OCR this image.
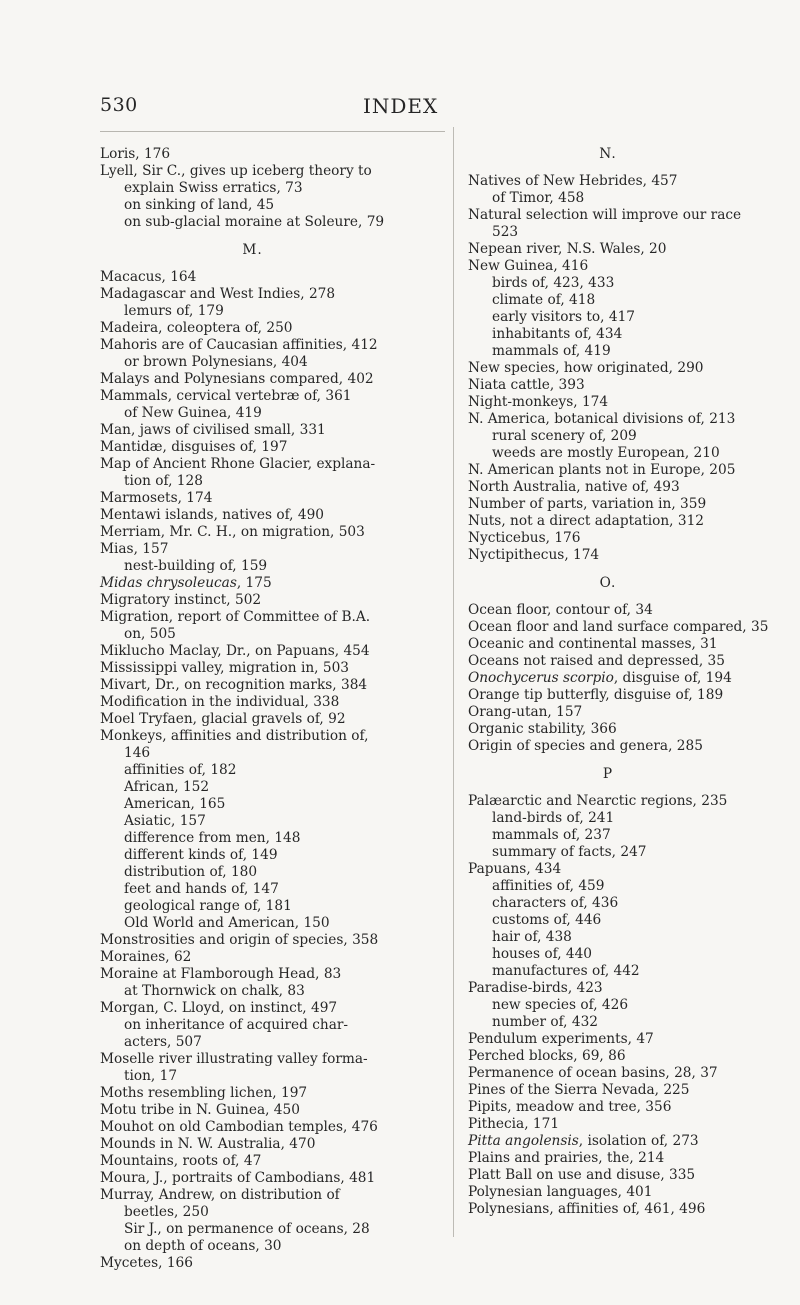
530	INDEX
Loris, 176
Lyell, Sir C., gives up iceberg theory to
explain Swiss erratics, 73
on sinking of land, 45
on sub-glacial moraine at Soleure, 79
M.
Macacus, 164
Madagascar and West Indies, 278
lemurs of, 179
Madeira, coleoptera of, 250
Mahoris are of Caucasian affinities, 412
or brown Polynesians, 404
Malays and Polynesians compared, 402
Mammals, cervical vertebræ of, 361
of New Guinea, 419
Man, jaws of civilised small, 331
Mantidæ, disguises of, 197
Map of Ancient Rhone Glacier, explana-
tion of, 128
Marmosets, 174
Mentawi islands, natives of, 490
Merriam, Mr. C. H., on migration, 503
Mias, 157
nest-building of, 159
Midas chrysoleucas, 175
Migratory instinct, 502
Migration, report of Committee of B.A.
on, 505
Miklucho Maclay, Dr., on Papuans, 454
Mississippi valley, migration in, 503
Mivart, Dr., on recognition marks, 384
Modification in the individual, 338
Moel Tryfaen, glacial gravels of, 92
Monkeys, affinities and distribution of,
146
affinities of, 182
African, 152
American, 165
Asiatic, 157
difference from men, 148
different kinds of, 149
distribution of, 180
feet and hands of, 147
geological range of, 181
Old World and American, 150
Monstrosities and origin of species, 358
Moraines, 62
Moraine at Flamborough Head, 83
at Thornwick on chalk, 83
Morgan, C. Lloyd, on instinct, 497
on inheritance of acquired char-
acters, 507
Moselle river illustrating valley forma-
tion, 17
Moths resembling lichen, 197
Motu tribe in N. Guinea, 450
Mouhot on old Cambodian temples, 476
Mounds in N. W. Australia, 470
Mountains, roots of, 47
Moura, J., portraits of Cambodians, 481
Murray, Andrew, on distribution of
beetles, 250
Sir J., on permanence of oceans, 28
on depth of oceans, 30
Mycetes, 166
N.
Natives of New Hebrides, 457
of Timor, 458
Natural selection will improve our race
523
Nepean river, N.S. Wales, 20
New Guinea, 416
birds of, 423, 433
climate of, 418
early visitors to, 417
inhabitants of, 434
mammals of, 419
New species, how originated, 290
Niata cattle, 393
Night-monkeys, 174
N. America, botanical divisions of, 213
rural scenery of, 209
weeds are mostly European, 210
N. American plants not in Europe, 205
North Australia, native of, 493
Number of parts, variation in, 359
Nuts, not a direct adaptation, 312
Nycticebus, 176
Nyctipithecus, 174
O.
Ocean floor, contour of, 34
Ocean floor and land surface compared, 35
Oceanic and continental masses, 31
Oceans not raised and depressed, 35
Onochycerus scorpio, disguise of, 194
Orange tip butterfly, disguise of, 189
Orang-utan, 157
Organic stability, 366
Origin of species and genera, 285
P
Palæarctic and Nearctic regions, 235
land-birds of, 241
mammals of, 237
summary of facts, 247
Papuans, 434
affinities of, 459
characters of, 436
customs of, 446
hair of, 438
houses of, 440
manufactures of, 442
Paradise-birds, 423
new species of, 426
number of, 432
Pendulum experiments, 47
Perched blocks, 69, 86
Permanence of ocean basins, 28, 37
Pines of the Sierra Nevada, 225
Pipits, meadow and tree, 356
Pithecia, 171
Pitta angolensis, isolation of, 273
Plains and prairies, the, 214
Platt Ball on use and disuse, 335
Polynesian languages, 401
Polynesians, affinities of, 461, 496
